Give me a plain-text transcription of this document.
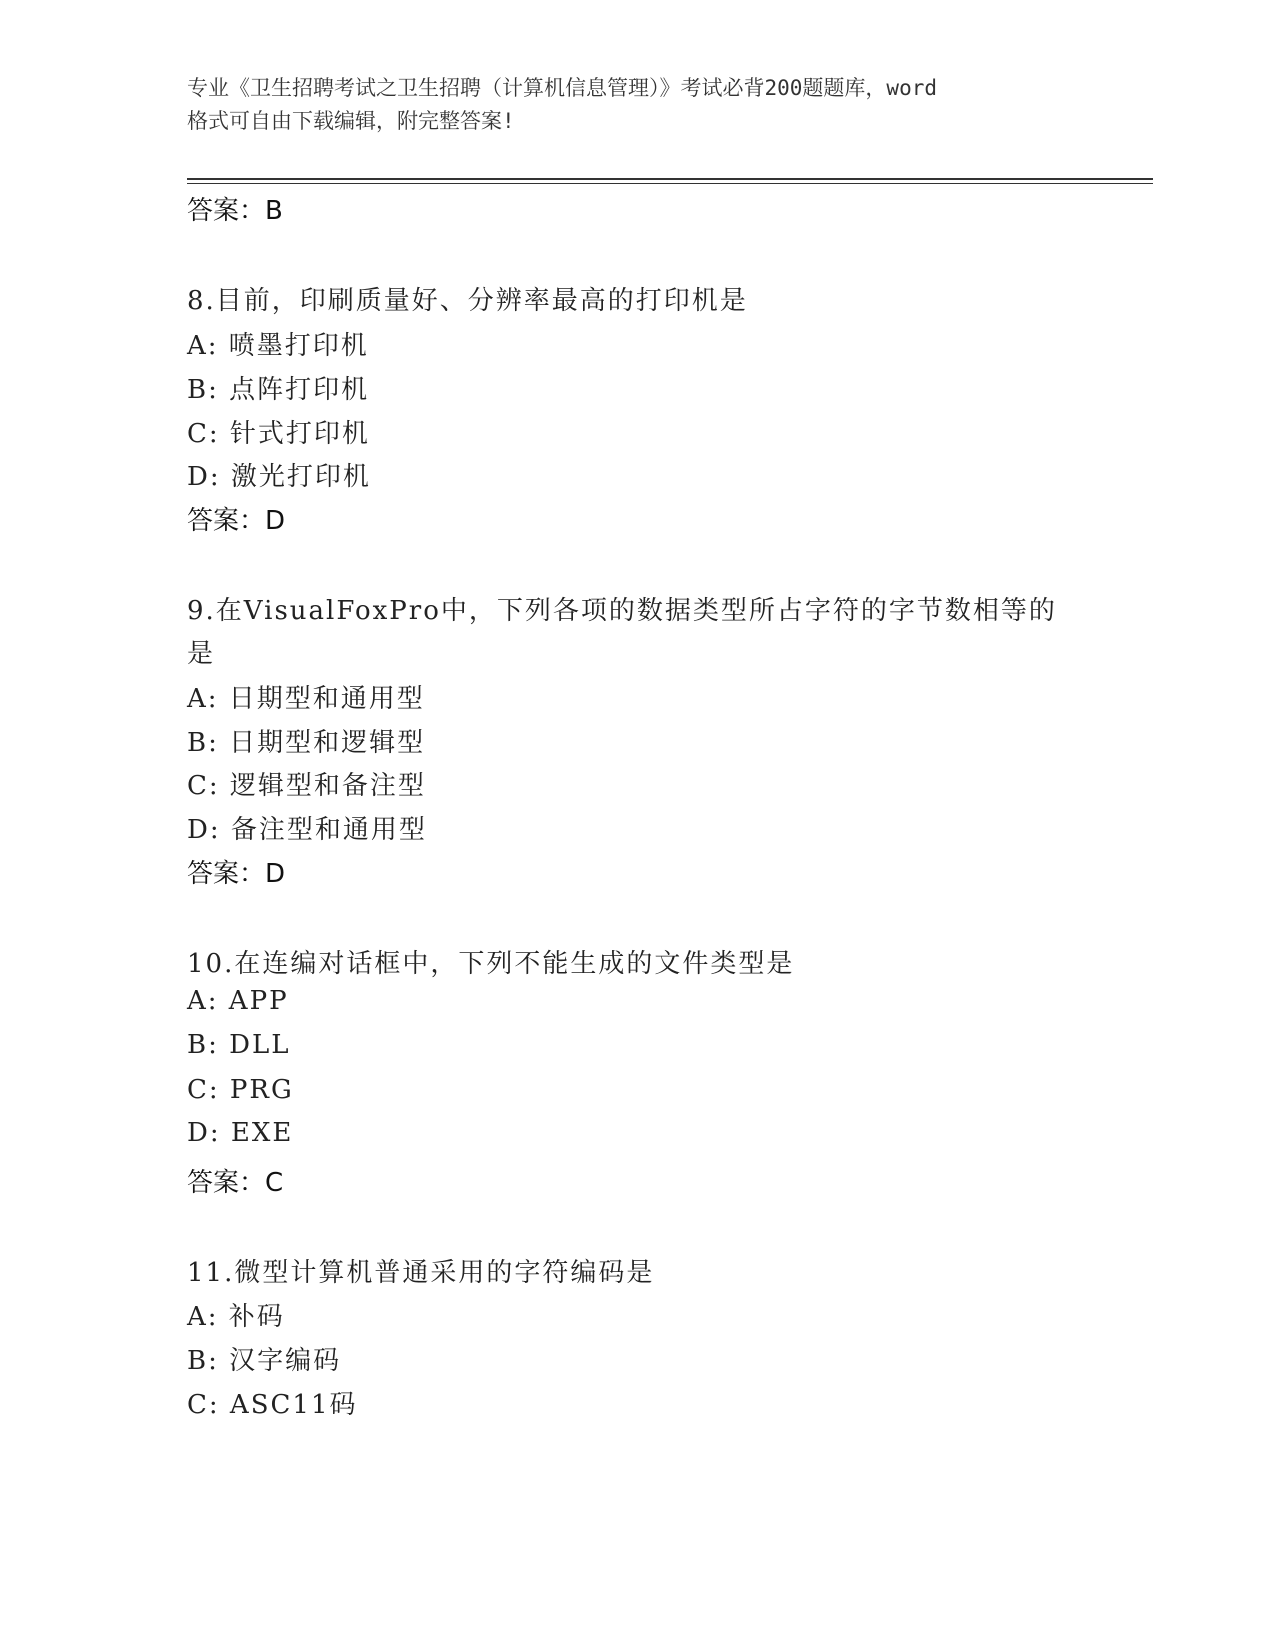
专业《卫生招聘考试之卫生招聘（计算机信息管理）》考试必背200题题库，word
格式可自由下载编辑，附完整答案!
答案：B
8.目前，印刷质量好、分辨率最高的打印机是
A: 喷墨打印机
B: 点阵打印机
C: 针式打印机
D: 激光打印机
答案：D
9.在VisualFoxPro中，下列各项的数据类型所占字符的字节数相等的
是
A: 日期型和通用型
B: 日期型和逻辑型
C: 逻辑型和备注型
D: 备注型和通用型
答案：D
10.在连编对话框中，下列不能生成的文件类型是
A: APP
B: DLL
C: PRG
D: EXE
答案：C
11.微型计算机普通采用的字符编码是
A: 补码
B: 汉字编码
C: ASC11码
